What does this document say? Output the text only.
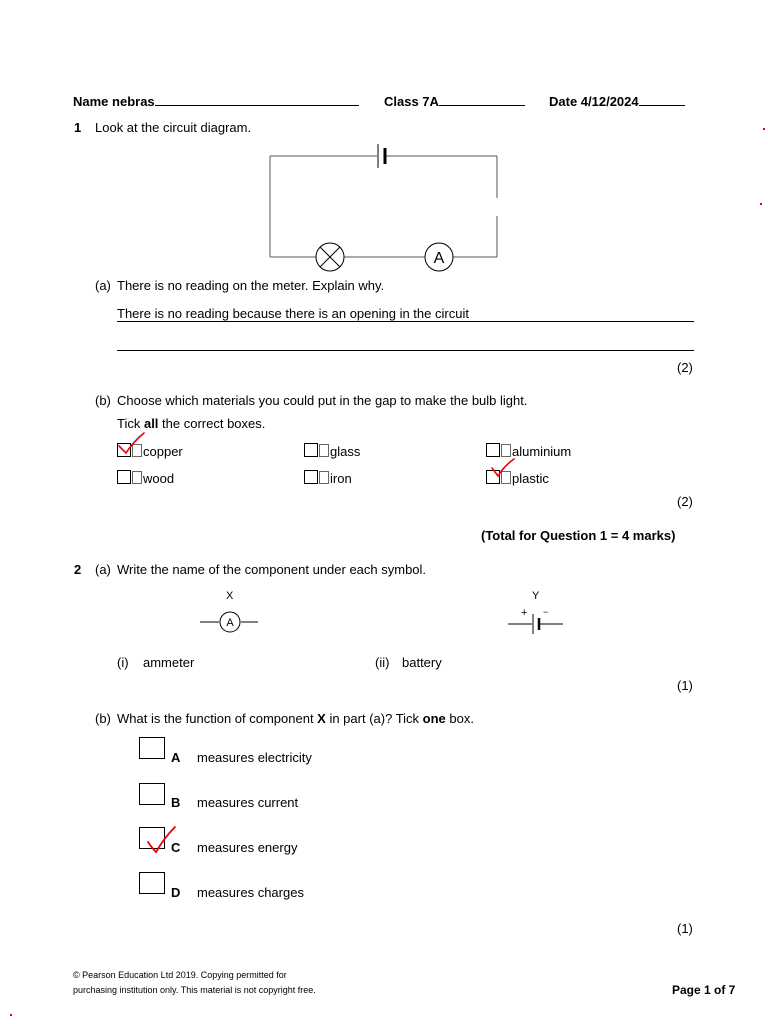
Name nebras	Class 7A	Date 4/12/2024
1 Look at the circuit diagram.
A
(a) There is no reading on the meter. Explain why.
There is no reading because there is an opening in the circuit
(2)
(b) Choose which materials you could put in the gap to make the bulb light.
Tick all the correct boxes.
copper	glass	aluminium
wood	iron	plastic
(2)
(Total for Question 1 = 4 marks)
2 (a) Write the name of the component under each symbol.
X
A
Y
+ −
(i) ammeter	(ii) battery
(1)
(b) What is the function of component X in part (a)? Tick one box.
A measures electricity
B measures current
C measures energy
D measures charges
(1)
© Pearson Education Ltd 2019. Copying permitted for
purchasing institution only. This material is not copyright free.	Page 1 of 7
